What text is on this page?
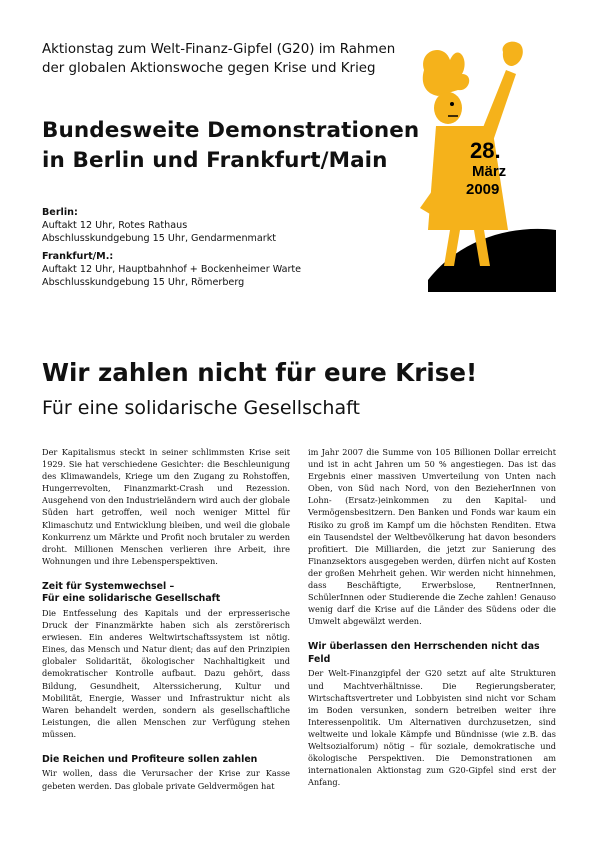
Aktionstag zum Welt-Finanz-Gipfel (G20) im Rahmen
der globalen Aktionswoche gegen Krise und Krieg
Bundesweite Demonstrationen
in Berlin und Frankfurt/Main
Berlin:
Auftakt 12 Uhr, Rotes Rathaus
Abschlusskundgebung 15 Uhr, Gendarmenmarkt
Frankfurt/M.:
Auftakt 12 Uhr, Hauptbahnhof + Bockenheimer Warte
Abschlusskundgebung 15 Uhr, Römerberg
28.
März
2009
Wir zahlen nicht für eure Krise!
Für eine solidarische Gesellschaft

Der Kapitalismus steckt in seiner schlimmsten Krise seit 1929. Sie hat verschiedene Gesichter: die Beschleunigung des Klimawandels, Kriege um den Zugang zu Rohstoffen, Hungerrevolten, Finanzmarkt-Crash und Rezession. Ausgehend von den Industrieländern wird auch der globale Süden hart getroffen, weil noch weniger Mittel für Klimaschutz und Entwicklung bleiben, und weil die globale Konkurrenz um Märkte und Profit noch brutaler zu werden droht. Millionen Menschen verlieren ihre Arbeit, ihre Wohnungen und ihre Lebensperspektiven.

Zeit für Systemwechsel –
Für eine solidarische Gesellschaft

Die Entfesselung des Kapitals und der erpresserische Druck der Finanzmärkte haben sich als zerstörerisch erwiesen. Ein anderes Weltwirtschaftssystem ist nötig. Eines, das Mensch und Natur dient; das auf den Prinzipien globaler Solidarität, ökologischer Nachhaltigkeit und demokratischer Kontrolle aufbaut. Dazu gehört, dass Bildung, Gesundheit, Alterssicherung, Kultur und Mobilität, Energie, Wasser und Infrastruktur nicht als Waren behandelt werden, sondern als gesellschaftliche Leistungen, die allen Menschen zur Verfügung stehen müssen.

Die Reichen und Profiteure sollen zahlen

Wir wollen, dass die Verursacher der Krise zur Kasse gebeten werden. Das globale private Geldvermögen hat

im Jahr 2007 die Summe von 105 Billionen Dollar erreicht und ist in acht Jahren um 50 % angestiegen. Das ist das Ergebnis einer massiven Umverteilung von Unten nach Oben, von Süd nach Nord, von den BezieherInnen von Lohn- (Ersatz-)einkommen zu den Kapital- und Vermögensbesitzern. Den Banken und Fonds war kaum ein Risiko zu groß im Kampf um die höchsten Renditen. Etwa ein Tausendstel der Weltbevölkerung hat davon besonders profitiert. Die Milliarden, die jetzt zur Sanierung des Finanzsektors ausgegeben werden, dürfen nicht auf Kosten der großen Mehrheit gehen. Wir werden nicht hinnehmen, dass Beschäftigte, Erwerbslose, RentnerInnen, SchülerInnen oder Studierende die Zeche zahlen! Genauso wenig darf die Krise auf die Länder des Südens oder die Umwelt abgewälzt werden.

Wir überlassen den Herrschenden nicht das Feld

Der Welt-Finanzgipfel der G20 setzt auf alte Strukturen und Machtverhältnisse. Die Regierungsberater, Wirtschaftsvertreter und Lobbyisten sind nicht vor Scham im Boden versunken, sondern betreiben weiter ihre Interessenpolitik. Um Alternativen durchzusetzen, sind weltweite und lokale Kämpfe und Bündnisse (wie z.B. das Weltsozialforum) nötig – für soziale, demokratische und ökologische Perspektiven. Die Demonstrationen am internationalen Aktionstag zum G20-Gipfel sind erst der Anfang.
